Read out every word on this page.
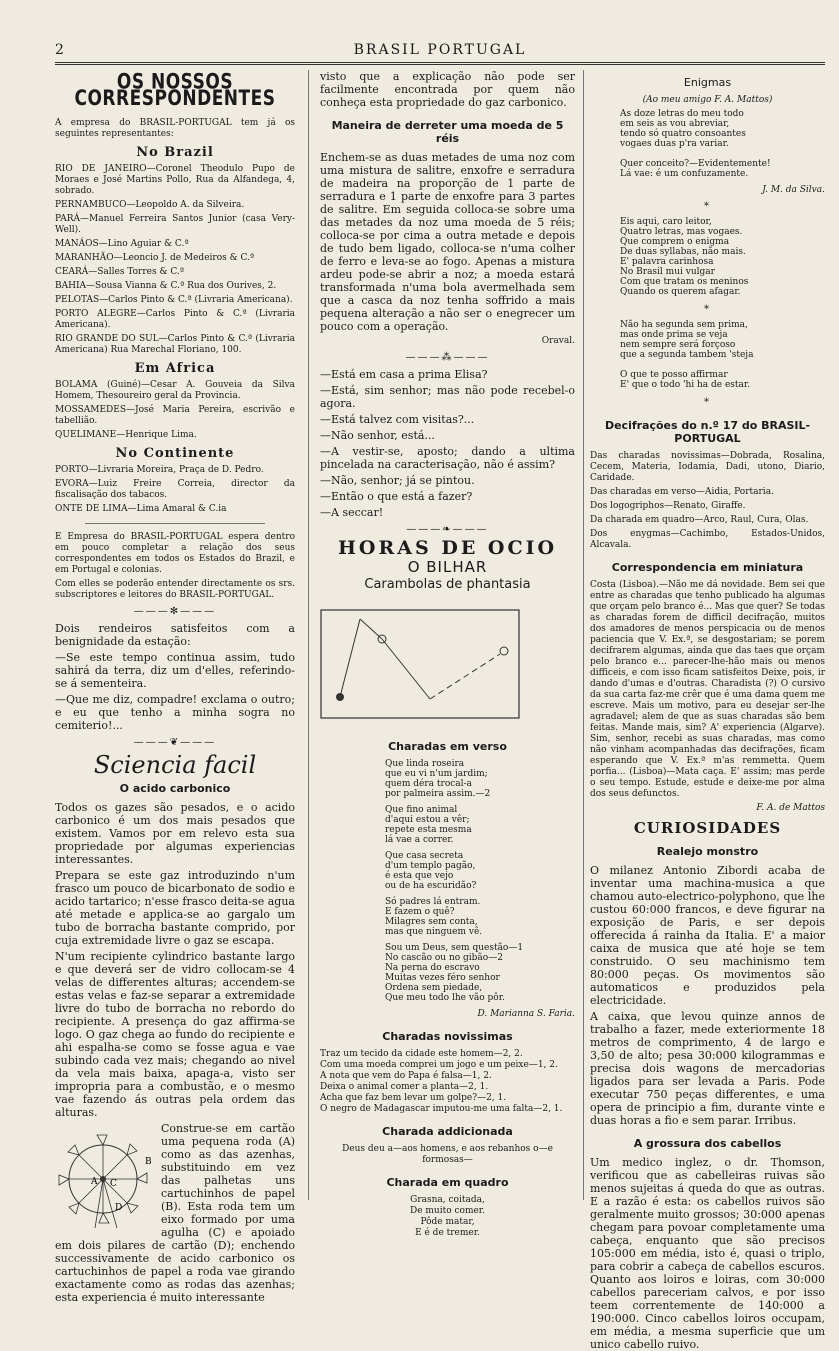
2	BRASIL PORTUGAL
OS NOSSOS CORRESPONDENTES

A empresa do BRASIL-PORTUGAL tem já os seguintes representantes:

No Brazil

RIO DE JANEIRO—Coronel Theodulo Pupo de Moraes e José Martins Pollo, Rua da Alfandega, 4, sobrado.

PERNAMBUCO—Leopoldo A. da Silveira.

PARÁ—Manuel Ferreira Santos Junior (casa Very-Well).

MANÁOS—Lino Aguiar & C.ª

MARANHÃO—Leoncio J. de Medeiros & C.ª

CEARÁ—Salles Torres & C.ª

BAHIA—Sousa Vianna & C.ª Rua dos Ourives, 2.

PELOTAS—Carlos Pinto & C.ª (Livraria Americana).

PORTO ALEGRE—Carlos Pinto & C.ª (Livraria Americana).

RIO GRANDE DO SUL—Carlos Pinto & C.ª (Livraria Americana) Rua Marechal Floriano, 100.

Em Africa

BOLAMA (Guiné)—Cesar A. Gouveia da Silva Homem, Thesoureiro geral da Provincia.

MOSSAMEDES—José Maria Pereira, escrivão e tabellião.

QUELIMANE—Henrique Lima.

No Continente

PORTO—Livraria Moreira, Praça de D. Pedro.

EVORA—Luiz Freire Correia, director da fiscalisação dos tabacos.

ONTE DE LIMA—Lima Amaral & C.ia

E Empresa do BRASIL-PORTUGAL espera dentro em pouco completar a relação dos seus correspondentes em todos os Estados do Brazil, e em Portugal e colonias.

Com elles se poderão entender directamente os srs. subscriptores e leitores do BRASIL-PORTUGAL.

———✻———

Dois rendeiros satisfeitos com a benignidade da estação:

—Se este tempo continua assim, tudo sahirá da terra, diz um d'elles, referindo-se á sementeira.

—Que me diz, compadre! exclama o outro; e eu que tenho a minha sogra no cemiterio!...

———❦———
Sciencia facil
O acido carbonico

Todos os gazes são pesados, e o acido carbonico é um dos mais pesados que existem. Vamos por em relevo esta sua propriedade por algumas experiencias interessantes.

Prepara se este gaz introduzindo n'um frasco um pouco de bicarbonato de sodio e acido tartarico; n'esse frasco deita-se agua até metade e applica-se ao gargalo um tubo de borracha bastante comprido, por cuja extremidade livre o gaz se escapa.

N'um recipiente cylindrico bastante largo e que deverá ser de vidro collocam-se 4 velas de differentes alturas; accendem-se estas velas e faz-se separar a extremidade livre do tubo de borracha no rebordo do recipiente. A presença do gaz affirma-se logo. O gaz chega ao fundo do recipiente e ahi espalha-se como se fosse agua e vae subindo cada vez mais; chegando ao nivel da vela mais baixa, apaga-a, visto ser impropria para a combustão, e o mesmo vae fazendo ás outras pela ordem das alturas.

A
B
C
D

Construe-se em cartão uma pequena roda (A) como as das azenhas, substituindo em vez das palhetas uns cartuchinhos de papel (B). Esta roda tem um eixo formado por uma agulha (C) e apoiado em dois pilares de cartão (D); enchendo successivamente de acido carbonico os cartuchinhos de papel a roda vae girando exactamente como as rodas das azenhas; esta experiencia é muito interessante

visto que a explicação não pode ser facilmente encontrada por quem não conheça esta propriedade do gaz carbonico.

Maneira de derreter uma moeda de 5 réis

Enchem-se as duas metades de uma noz com uma mistura de salitre, enxofre e serradura de madeira na proporção de 1 parte de serradura e 1 parte de enxofre para 3 partes de salitre. Em seguida colloca-se sobre uma das metades da noz uma moeda de 5 réis; colloca-se por cima a outra metade e depois de tudo bem ligado, colloca-se n'uma colher de ferro e leva-se ao fogo. Apenas a mistura ardeu pode-se abrir a noz; a moeda estará transformada n'uma bola avermelhada sem que a casca da noz tenha soffrido a mais pequena alteração a não ser o enegrecer um pouco com a operação.

Oraval.

———⁂———

—Está em casa a prima Elisa?

—Está, sim senhor; mas não pode recebel-o agora.

—Está talvez com visitas?...

—Não senhor, está...

—A vestir-se, aposto; dando a ultima pincelada na caracterisação, não é assim?

—Não, senhor; já se pintou.

—Então o que está a fazer?

—A seccar!

———❧———
HORAS DE OCIO
O BILHAR
Carambolas de phantasia
Charadas em verso
Que linda roseira
que eu vi n'um jardim;
quem déra trocal-a
por palmeira assim.—2
Que fino animal
d'aqui estou a vêr;
repete esta mesma
lá vae a correr.
Que casa secreta
d'um templo pagão,
é esta que vejo
ou de ha escuridão?
Só padres lá entram.
E fazem o quê?
Milagres sem conta,
mas que ninguem vê.
Sou um Deus, sem questão—1
No cascão ou no gibão—2
Na perna do escravo
Muitas vezes féro senhor
Ordena sem piedade,
Que meu todo lhe vão pôr.

D. Marianna S. Faria.

Charadas novissimas
Traz um tecido da cidade este homem—2, 2.
Com uma moeda comprei um jogo e um peixe—1, 2.
A nota que vem do Papa é falsa—1, 2.
Deixa o animal comer a planta—2, 1.
Acha que faz bem levar um golpe?—2, 1.
O negro de Madagascar imputou-me uma falta—2, 1.
Charada addicionada

Deus deu a—aos homens, e aos rebanhos o—e formosas—

Charada em quadro
Grasna, coitada,
De muito comer.
Pôde matar,
E é de tremer.
Enigmas

(Ao meu amigo F. A. Mattos)

As doze letras do meu todo
em seis as vou abreviar,
tendo só quatro consoantes
vogaes duas p'ra variar.

Quer conceito?—Evidentemente!
Lá vae: é um confuzamente.

J. M. da Silva.

*
Eis aqui, caro leitor,
Quatro letras, mas vogaes.
Que comprem o enigma
De duas syllabas, não mais.
E' palavra carinhosa
No Brasil mui vulgar
Com que tratam os meninos
Quando os querem afagar.
*
Não ha segunda sem prima,
mas onde prima se veja
nem sempre será forçoso
que a segunda tambem 'steja

O que te posso affirmar
E' que o todo 'hi ha de estar.
*
Decifrações do n.º 17 do BRASIL-PORTUGAL

Das charadas novissimas—Dobrada, Rosalina, Cecem, Materia, Iodamia, Dadi, utono, Diario, Caridade.

Das charadas em verso—Aidia, Portaria.

Dos logogriphos—Renato, Giraffe.

Da charada em quadro—Arco, Raul, Cura, Olas.

Dos enygmas—Cachimbo, Estados-Unidos, Alcavala.

Correspondencia em miniatura

Costa (Lisboa).—Não me dá novidade. Bem sei que entre as charadas que tenho publicado ha algumas que orçam pelo branco é... Mas que quer? Se todas as charadas forem de difficil decifração, muitos dos amadores de menos perspicacia ou de menos paciencia que V. Ex.ª, se desgostariam; se porem decifrarem algumas, ainda que das taes que orçam pelo branco e... parecer-lhe-hão mais ou menos difficeis, e com isso ficam satisfeitos Deixe, pois, ir dando d'umas e d'outras. Charadista (?) O cursivo da sua carta faz-me crêr que é uma dama quem me escreve. Mais um motivo, para eu desejar ser-lhe agradavel; alem de que as suas charadas são bem feitas. Mande mais, sim? A' experiencia (Algarve). Sim, senhor, recebi as suas charadas, mas como não vinham acompanhadas das decifrações, ficam esperando que V. Ex.ª m'as remmetta. Quem porfia... (Lisboa)—Mata caça. E' assim; mas perde o seu tempo. Estude, estude e deixe-me por alma dos seus defunctos.

F. A. de Mattos

CURIOSIDADES
Realejo monstro

O milanez Antonio Zibordi acaba de inventar uma machina-musica a que chamou auto-electrico-polyphono, que lhe custou 60:000 francos, e deve figurar na exposição de Paris, e ser depois offerecida á rainha da Italia. E' a maior caixa de musica que até hoje se tem construido. O seu machinismo tem 80:000 peças. Os movimentos são automaticos e produzidos pela electricidade.

A caixa, que levou quinze annos de trabalho a fazer, mede exteriormente 18 metros de comprimento, 4 de largo e 3,50 de alto; pesa 30:000 kilogrammas e precisa dois wagons de mercadorias ligados para ser levada a Paris. Pode executar 750 peças differentes, e uma opera de principio a fim, durante vinte e duas horas a fio e sem parar. Irribus.

A grossura dos cabellos

Um medico inglez, o dr. Thomson, verificou que as cabelleiras ruivas são menos sujeitas á queda do que as outras. E a razão é esta: os cabellos ruivos são geralmente muito grossos; 30:000 apenas chegam para povoar completamente uma cabeça, enquanto que são precisos 105:000 em média, isto é, quasi o triplo, para cobrir a cabeça de cabellos escuros. Quanto aos loiros e loiras, com 30:000 cabellos pareceriam calvos, e por isso teem correntemente de 140:000 a 190:000. Cinco cabellos loiros occupam, em média, a mesma superficie que um unico cabello ruivo.
